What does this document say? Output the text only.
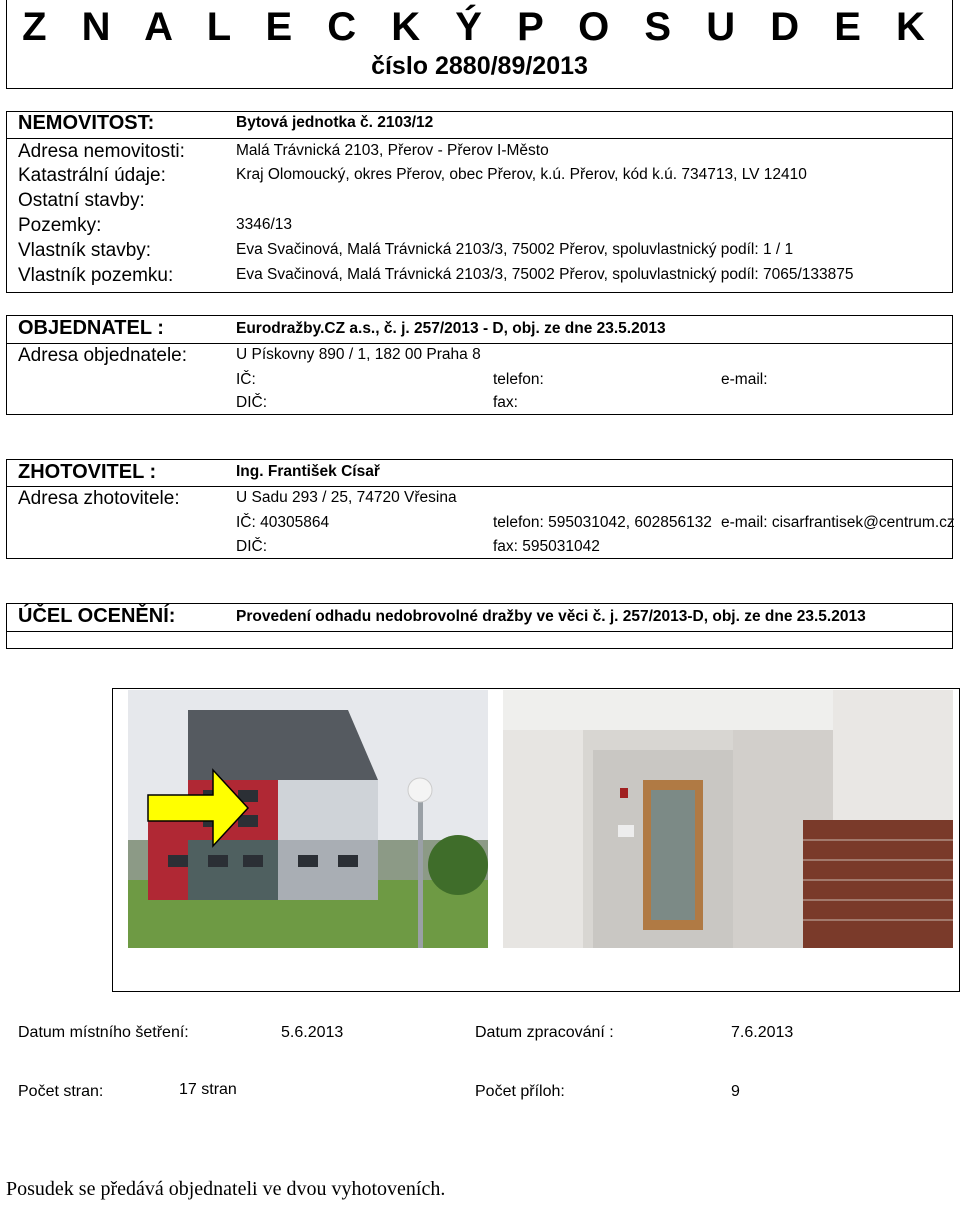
Z N A L E C K Ý P O S U D E K
číslo 2880/89/2013
NEMOVITOST:	Bytová jednotka č. 2103/12
Adresa nemovitosti:	Malá Trávnická 2103, Přerov - Přerov I-Město
Katastrální údaje:	Kraj Olomoucký, okres Přerov, obec Přerov, k.ú. Přerov, kód k.ú. 734713, LV 12410
Ostatní stavby:
Pozemky:	3346/13
Vlastník stavby:	Eva Svačinová, Malá Trávnická 2103/3, 75002 Přerov, spoluvlastnický podíl: 1 / 1
Vlastník pozemku:	Eva Svačinová, Malá Trávnická 2103/3, 75002 Přerov, spoluvlastnický podíl: 7065/133875
OBJEDNATEL :	Eurodražby.CZ a.s., č. j. 257/2013 - D, obj. ze dne 23.5.2013
Adresa objednatele:	U Pískovny 890 / 1, 182 00 Praha 8
IČ:	telefon:	e-mail:
DIČ:	fax:
ZHOTOVITEL :	Ing. František Císař
Adresa zhotovitele:	U Sadu 293 / 25, 74720 Vřesina
IČ: 40305864	telefon: 595031042, 602856132 e-mail: cisarfrantisek@centrum.cz
DIČ:	fax: 595031042
ÚČEL OCENĚNÍ:	Provedení odhadu nedobrovolné dražby ve věci č. j. 257/2013-D, obj. ze dne 23.5.2013
Datum místního šetření:	5.6.2013	Datum zpracování :	7.6.2013
Počet stran:	17 stran	Počet příloh:	9
Posudek se předává objednateli ve dvou vyhotoveních.
